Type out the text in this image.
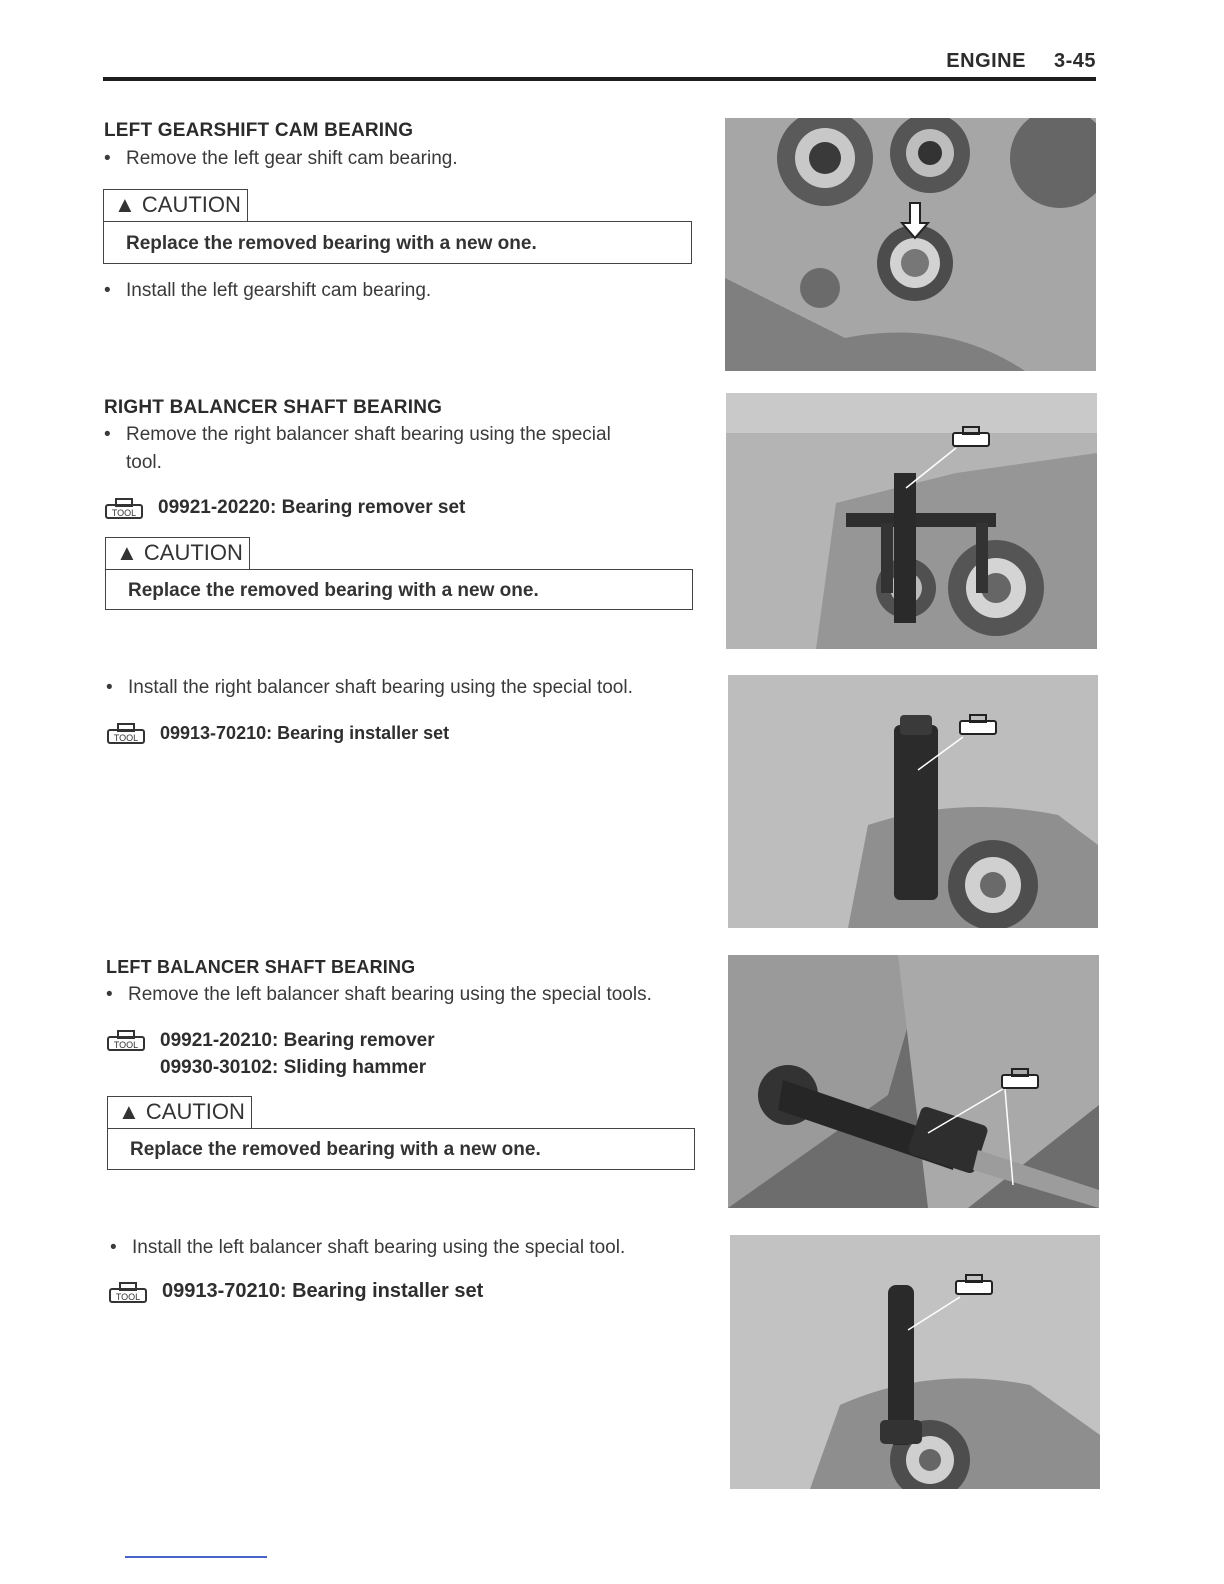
ENGINE 3-45
LEFT GEARSHIFT CAM BEARING
• Remove the left gear shift cam bearing.
▲ CAUTION
Replace the removed bearing with a new one.
• Install the left gearshift cam bearing.
RIGHT BALANCER SHAFT BEARING
• Remove the right balancer shaft bearing using the special
tool.
TOOL 09921-20220: Bearing remover set
▲ CAUTION
Replace the removed bearing with a new one.
• Install the right balancer shaft bearing using the special tool.
TOOL 09913-70210: Bearing installer set
LEFT BALANCER SHAFT BEARING
• Remove the left balancer shaft bearing using the special tools.
TOOL 09921-20210: Bearing remover
09930-30102: Sliding hammer
▲ CAUTION
Replace the removed bearing with a new one.
• Install the left balancer shaft bearing using the special tool.
TOOL 09913-70210: Bearing installer set
